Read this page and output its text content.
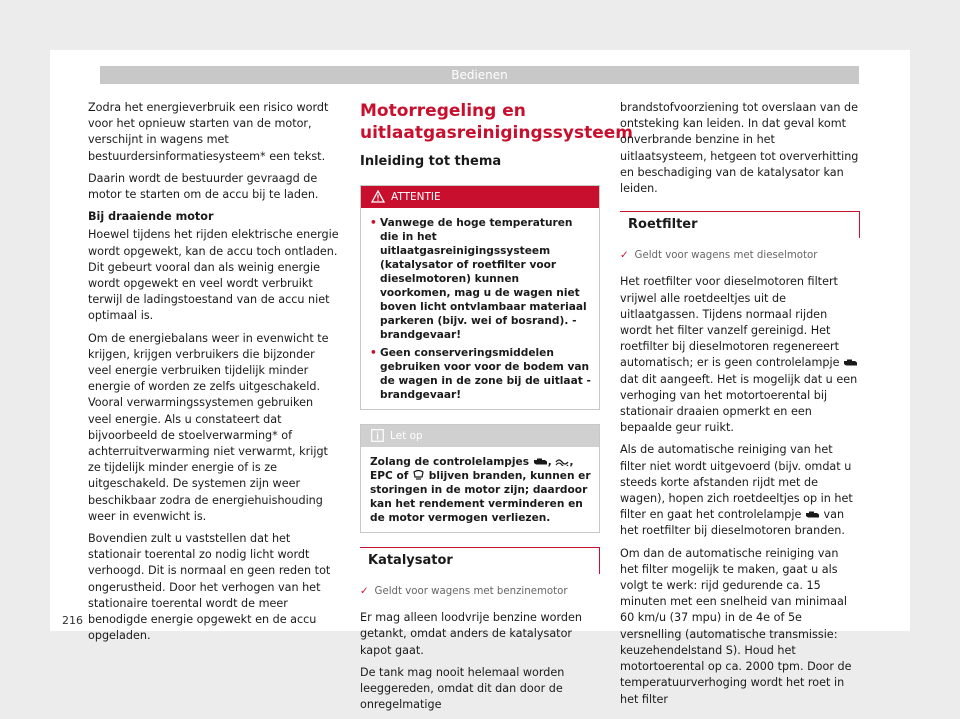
Bedienen

Zodra het energieverbruik een risico wordt voor het opnieuw starten van de motor, verschijnt in wagens met bestuurdersinformatiesysteem* een tekst.

Daarin wordt de bestuurder gevraagd de motor te starten om de accu bij te laden.

Bij draaiende motor

Hoewel tijdens het rijden elektrische energie wordt opgewekt, kan de accu toch ontladen. Dit gebeurt vooral dan als weinig energie wordt opgewekt en veel wordt verbruikt terwijl de ladingstoestand van de accu niet optimaal is.

Om de energiebalans weer in evenwicht te krijgen, krijgen verbruikers die bijzonder veel energie verbruiken tijdelijk minder energie of worden ze zelfs uitgeschakeld. Vooral verwarmingssystemen gebruiken veel energie. Als u constateert dat bijvoorbeeld de stoelverwarming* of achterruitverwarming niet verwarmt, krijgt ze tijdelijk minder energie of is ze uitgeschakeld. De systemen zijn weer beschikbaar zodra de energiehuishouding weer in evenwicht is.

Bovendien zult u vaststellen dat het stationair toerental zo nodig licht wordt verhoogd. Dit is normaal en geen reden tot ongerustheid. Door het verhogen van het stationaire toerental wordt de meer benodigde energie opgewekt en de accu opgeladen.

Motorregeling en uitlaatgasreinigingssysteem
Inleiding tot thema
ATTENTIE
• Vanwege de hoge temperaturen die in het uitlaatgasreinigingssysteem (katalysator of roetfilter voor dieselmotoren) kunnen voorkomen, mag u de wagen niet boven licht ontvlambaar materiaal parkeren (bijv. wei of bosrand). - brandgevaar!
• Geen conserveringsmiddelen gebruiken voor voor de bodem van de wagen in de zone bij de uitlaat - brandgevaar!
Let op
Zolang de controlelampjes , , EPC of blijven branden, kunnen er storingen in de motor zijn; daardoor kan het rendement verminderen en de motor vermogen verliezen.
Katalysator
✓ Geldt voor wagens met benzinemotor

Er mag alleen loodvrije benzine worden getankt, omdat anders de katalysator kapot gaat.

De tank mag nooit helemaal worden leeggereden, omdat dit dan door de onregelmatige

brandstofvoorziening tot overslaan van de ontsteking kan leiden. In dat geval komt onverbrande benzine in het uitlaatsysteem, hetgeen tot oververhitting en beschadiging van de katalysator kan leiden.

Roetfilter
✓ Geldt voor wagens met dieselmotor

Het roetfilter voor dieselmotoren filtert vrijwel alle roetdeeltjes uit de uitlaatgassen. Tijdens normaal rijden wordt het filter vanzelf gereinigd. Het roetfilter bij dieselmotoren regenereert automatisch; er is geen controlelampje  dat dit aangeeft. Het is mogelijk dat u een verhoging van het motortoerental bij stationair draaien opmerkt en een bepaalde geur ruikt.

Als de automatische reiniging van het filter niet wordt uitgevoerd (bijv. omdat u steeds korte afstanden rijdt met de wagen), hopen zich roetdeeltjes op in het filter en gaat het controlelampje van het roetfilter bij dieselmotoren branden.

Om dan de automatische reiniging van het filter mogelijk te maken, gaat u als volgt te werk: rijd gedurende ca. 15 minuten met een snelheid van minimaal 60 km/u (37 mpu) in de 4e of 5e versnelling (automatische transmissie: keuzehendelstand S). Houd het motortoerental op ca. 2000 tpm. Door de temperatuurverhoging wordt het roet in het filter

216
